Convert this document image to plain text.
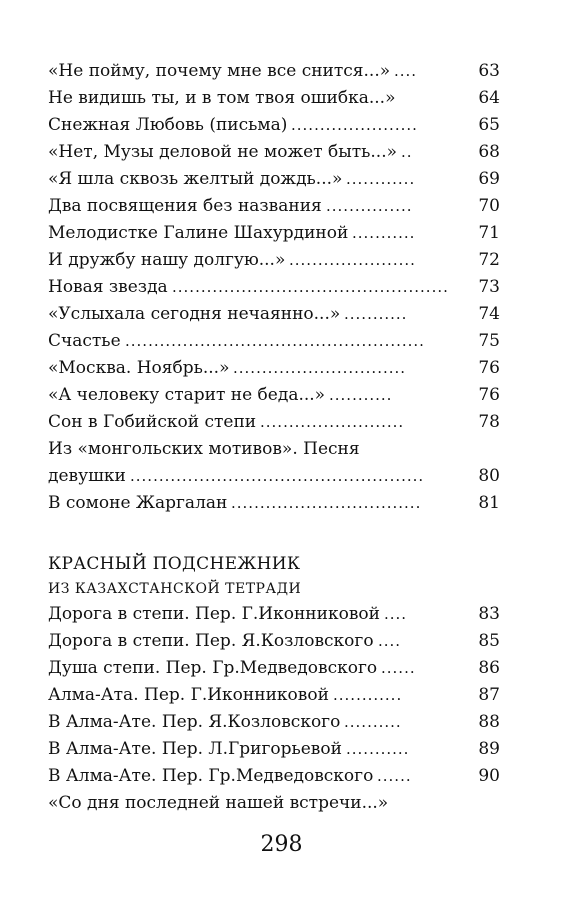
«Не пойму, почему мне все снится...» ....	63
Не видишь ты, и в том твоя ошибка...»	64
Снежная Любовь (письма) ......................	65
«Нет, Музы деловой не может быть...» ..	68
«Я шла сквозь желтый дождь...» ............	69
Два посвящения без названия ...............	70
Мелодистке Галине Шахурдиной ...........	71
И дружбу нашу долгую...» ......................	72
Новая звезда ................................................ 73
«Услыхала сегодня нечаянно...» ...........	74
Счастье ....................................................	75
«Москва. Ноябрь...» ..............................	76
«А человеку старит не беда...» ...........	76
Сон в Гобийской степи .........................	78
Из «монгольских мотивов». Песня
девушки ...................................................	80
В сомоне Жаргалан .................................	81
КРАСНЫЙ ПОДСНЕЖНИК
ИЗ КАЗАХСТАНСКОЙ ТЕТРАДИ
Дорога в степи. Пер. Г.Иконниковой ....	83
Дорога в степи. Пер. Я.Козловского ....	85
Душа степи. Пер. Гр.Медведовского ......	86
Алма-Ата. Пер. Г.Иконниковой ............	87
В Алма-Ате. Пер. Я.Козловского ..........	88
В Алма-Ате. Пер. Л.Григорьевой ...........	89
В Алма-Ате. Пер. Гр.Медведовского ......	90
«Со дня последней нашей встречи...»
298
